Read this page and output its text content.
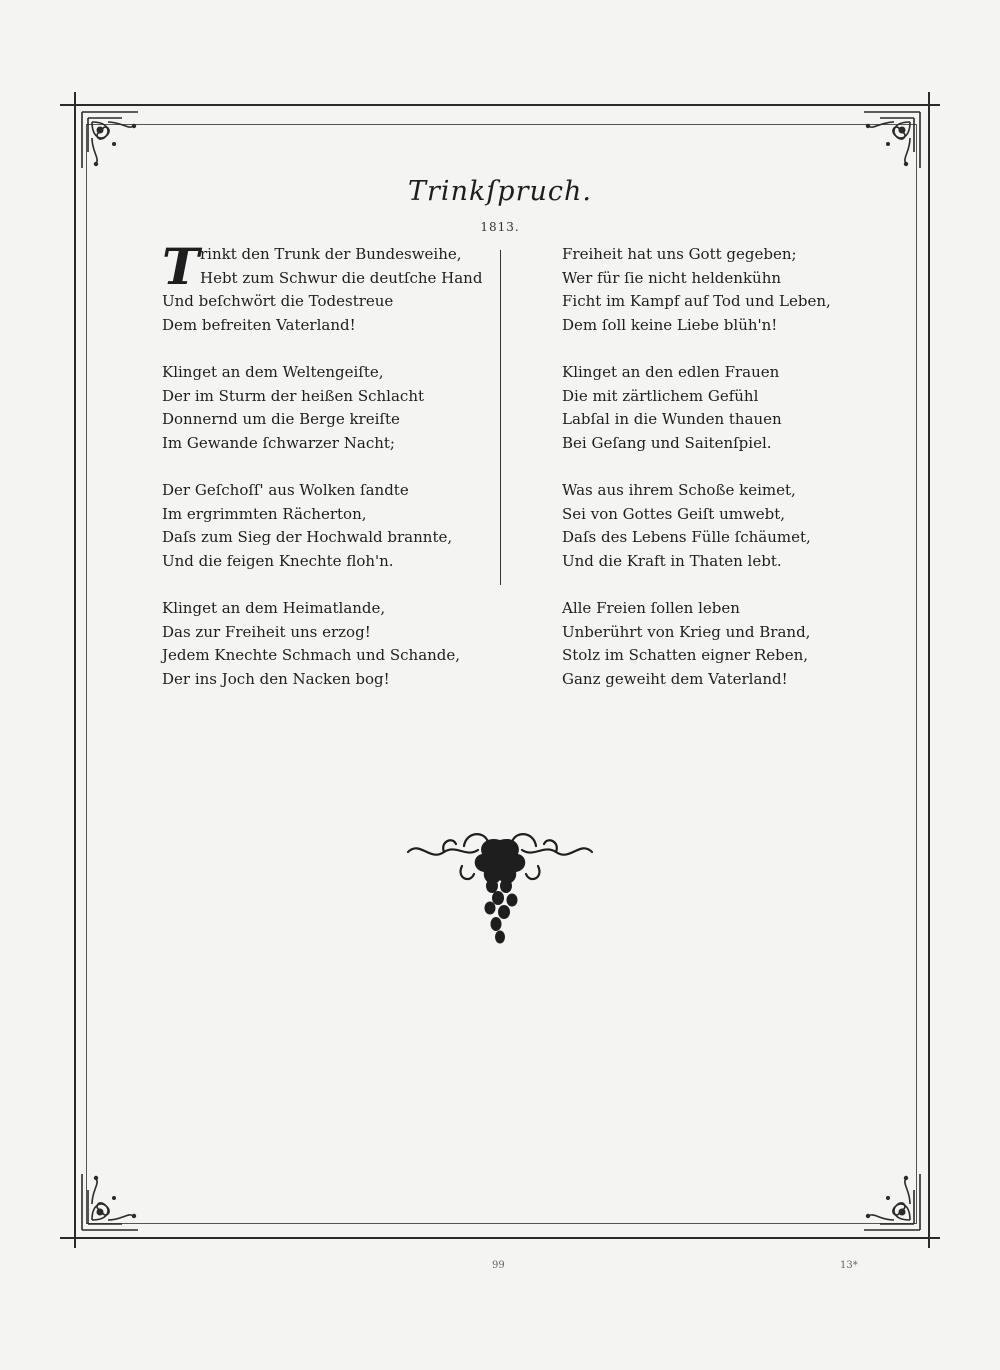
Trinkſpruch.
1813.
T rinkt den Trunk der Bundesweihe,
Hebt zum Schwur die deutſche Hand
Und beſchwört die Todestreue
Dem befreiten Vaterland!
Klinget an dem Weltengeiſte,
Der im Sturm der heißen Schlacht
Donnernd um die Berge kreiſte
Im Gewande ſchwarzer Nacht;
Der Geſchoſſ' aus Wolken ſandte
Im ergrimmten Rächerton,
Daſs zum Sieg der Hochwald brannte,
Und die feigen Knechte floh'n.
Klinget an dem Heimatlande,
Das zur Freiheit uns erzog!
Jedem Knechte Schmach und Schande,
Der ins Joch den Nacken bog!
Freiheit hat uns Gott gegeben;
Wer für ſie nicht heldenkühn
Ficht im Kampf auf Tod und Leben,
Dem ſoll keine Liebe blüh'n!
Klinget an den edlen Frauen
Die mit zärtlichem Gefühl
Labſal in die Wunden thauen
Bei Geſang und Saitenſpiel.
Was aus ihrem Schoße keimet,
Sei von Gottes Geiſt umwebt,
Daſs des Lebens Fülle ſchäumet,
Und die Kraft in Thaten lebt.
Alle Freien ſollen leben
Unberührt von Krieg und Brand,
Stolz im Schatten eigner Reben,
Ganz geweiht dem Vaterland!
99	13*
